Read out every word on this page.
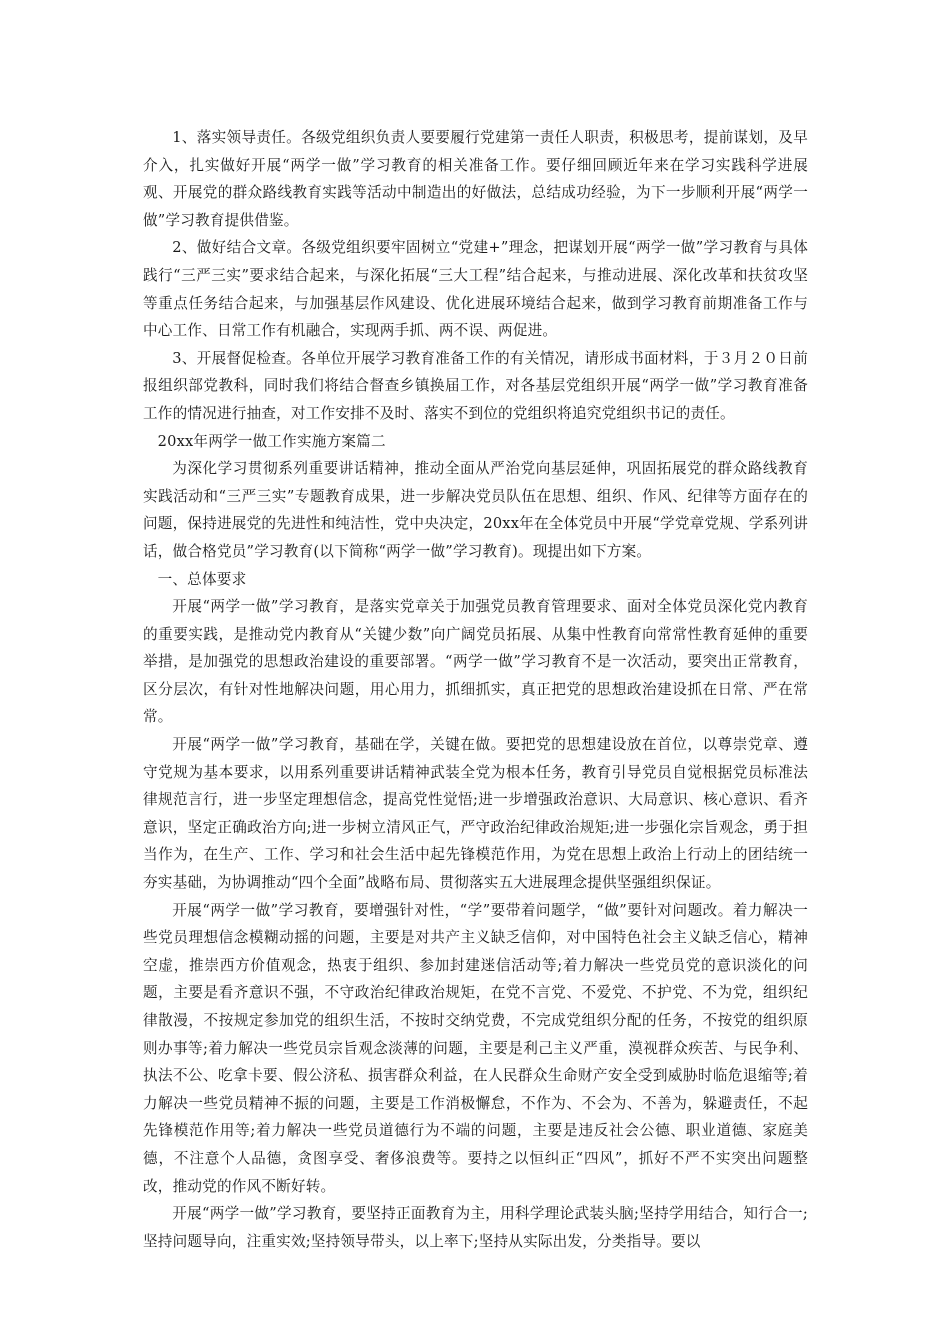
1、落实领导责任。各级党组织负责人要要履行党建第一责任人职责，积极思考，提前谋划，及早介入，扎实做好开展“两学一做”学习教育的相关准备工作。要仔细回顾近年来在学习实践科学进展观、开展党的群众路线教育实践等活动中制造出的好做法，总结成功经验，为下一步顺利开展“两学一做”学习教育提供借鉴。

2、做好结合文章。各级党组织要牢固树立“党建+”理念，把谋划开展“两学一做”学习教育与具体践行“三严三实”要求结合起来，与深化拓展“三大工程”结合起来，与推动进展、深化改革和扶贫攻坚等重点任务结合起来，与加强基层作风建设、优化进展环境结合起来，做到学习教育前期准备工作与中心工作、日常工作有机融合，实现两手抓、两不误、两促进。

3、开展督促检查。各单位开展学习教育准备工作的有关情况，请形成书面材料，于３月２０日前报组织部党教科，同时我们将结合督查乡镇换届工作，对各基层党组织开展“两学一做”学习教育准备工作的情况进行抽查，对工作安排不及时、落实不到位的党组织将追究党组织书记的责任。

20xx年两学一做工作实施方案篇二

为深化学习贯彻系列重要讲话精神，推动全面从严治党向基层延伸，巩固拓展党的群众路线教育实践活动和“三严三实”专题教育成果，进一步解决党员队伍在思想、组织、作风、纪律等方面存在的问题，保持进展党的先进性和纯洁性，党中央决定，20xx年在全体党员中开展“学党章党规、学系列讲话，做合格党员”学习教育(以下简称“两学一做”学习教育)。现提出如下方案。

一、总体要求

开展“两学一做”学习教育，是落实党章关于加强党员教育管理要求、面对全体党员深化党内教育的重要实践，是推动党内教育从“关键少数”向广阔党员拓展、从集中性教育向常常性教育延伸的重要举措，是加强党的思想政治建设的重要部署。“两学一做”学习教育不是一次活动，要突出正常教育，区分层次，有针对性地解决问题，用心用力，抓细抓实，真正把党的思想政治建设抓在日常、严在常常。

开展“两学一做”学习教育，基础在学，关键在做。要把党的思想建设放在首位，以尊崇党章、遵守党规为基本要求，以用系列重要讲话精神武装全党为根本任务，教育引导党员自觉根据党员标准法律规范言行，进一步坚定理想信念，提高党性觉悟;进一步增强政治意识、大局意识、核心意识、看齐意识，坚定正确政治方向;进一步树立清风正气，严守政治纪律政治规矩;进一步强化宗旨观念，勇于担当作为，在生产、工作、学习和社会生活中起先锋模范作用，为党在思想上政治上行动上的团结统一夯实基础，为协调推动“四个全面”战略布局、贯彻落实五大进展理念提供坚强组织保证。

开展“两学一做”学习教育，要增强针对性，“学”要带着问题学，“做”要针对问题改。着力解决一些党员理想信念模糊动摇的问题，主要是对共产主义缺乏信仰，对中国特色社会主义缺乏信心，精神空虚，推崇西方价值观念，热衷于组织、参加封建迷信活动等;着力解决一些党员党的意识淡化的问题，主要是看齐意识不强，不守政治纪律政治规矩，在党不言党、不爱党、不护党、不为党，组织纪律散漫，不按规定参加党的组织生活，不按时交纳党费，不完成党组织分配的任务，不按党的组织原则办事等;着力解决一些党员宗旨观念淡薄的问题，主要是利己主义严重，漠视群众疾苦、与民争利、执法不公、吃拿卡要、假公济私、损害群众利益，在人民群众生命财产安全受到威胁时临危退缩等;着力解决一些党员精神不振的问题，主要是工作消极懈怠，不作为、不会为、不善为，躲避责任，不起先锋模范作用等;着力解决一些党员道德行为不端的问题，主要是违反社会公德、职业道德、家庭美德，不注意个人品德，贪图享受、奢侈浪费等。要持之以恒纠正“四风”，抓好不严不实突出问题整改，推动党的作风不断好转。

开展“两学一做”学习教育，要坚持正面教育为主，用科学理论武装头脑;坚持学用结合，知行合一;坚持问题导向，注重实效;坚持领导带头，以上率下;坚持从实际出发，分类指导。要以
